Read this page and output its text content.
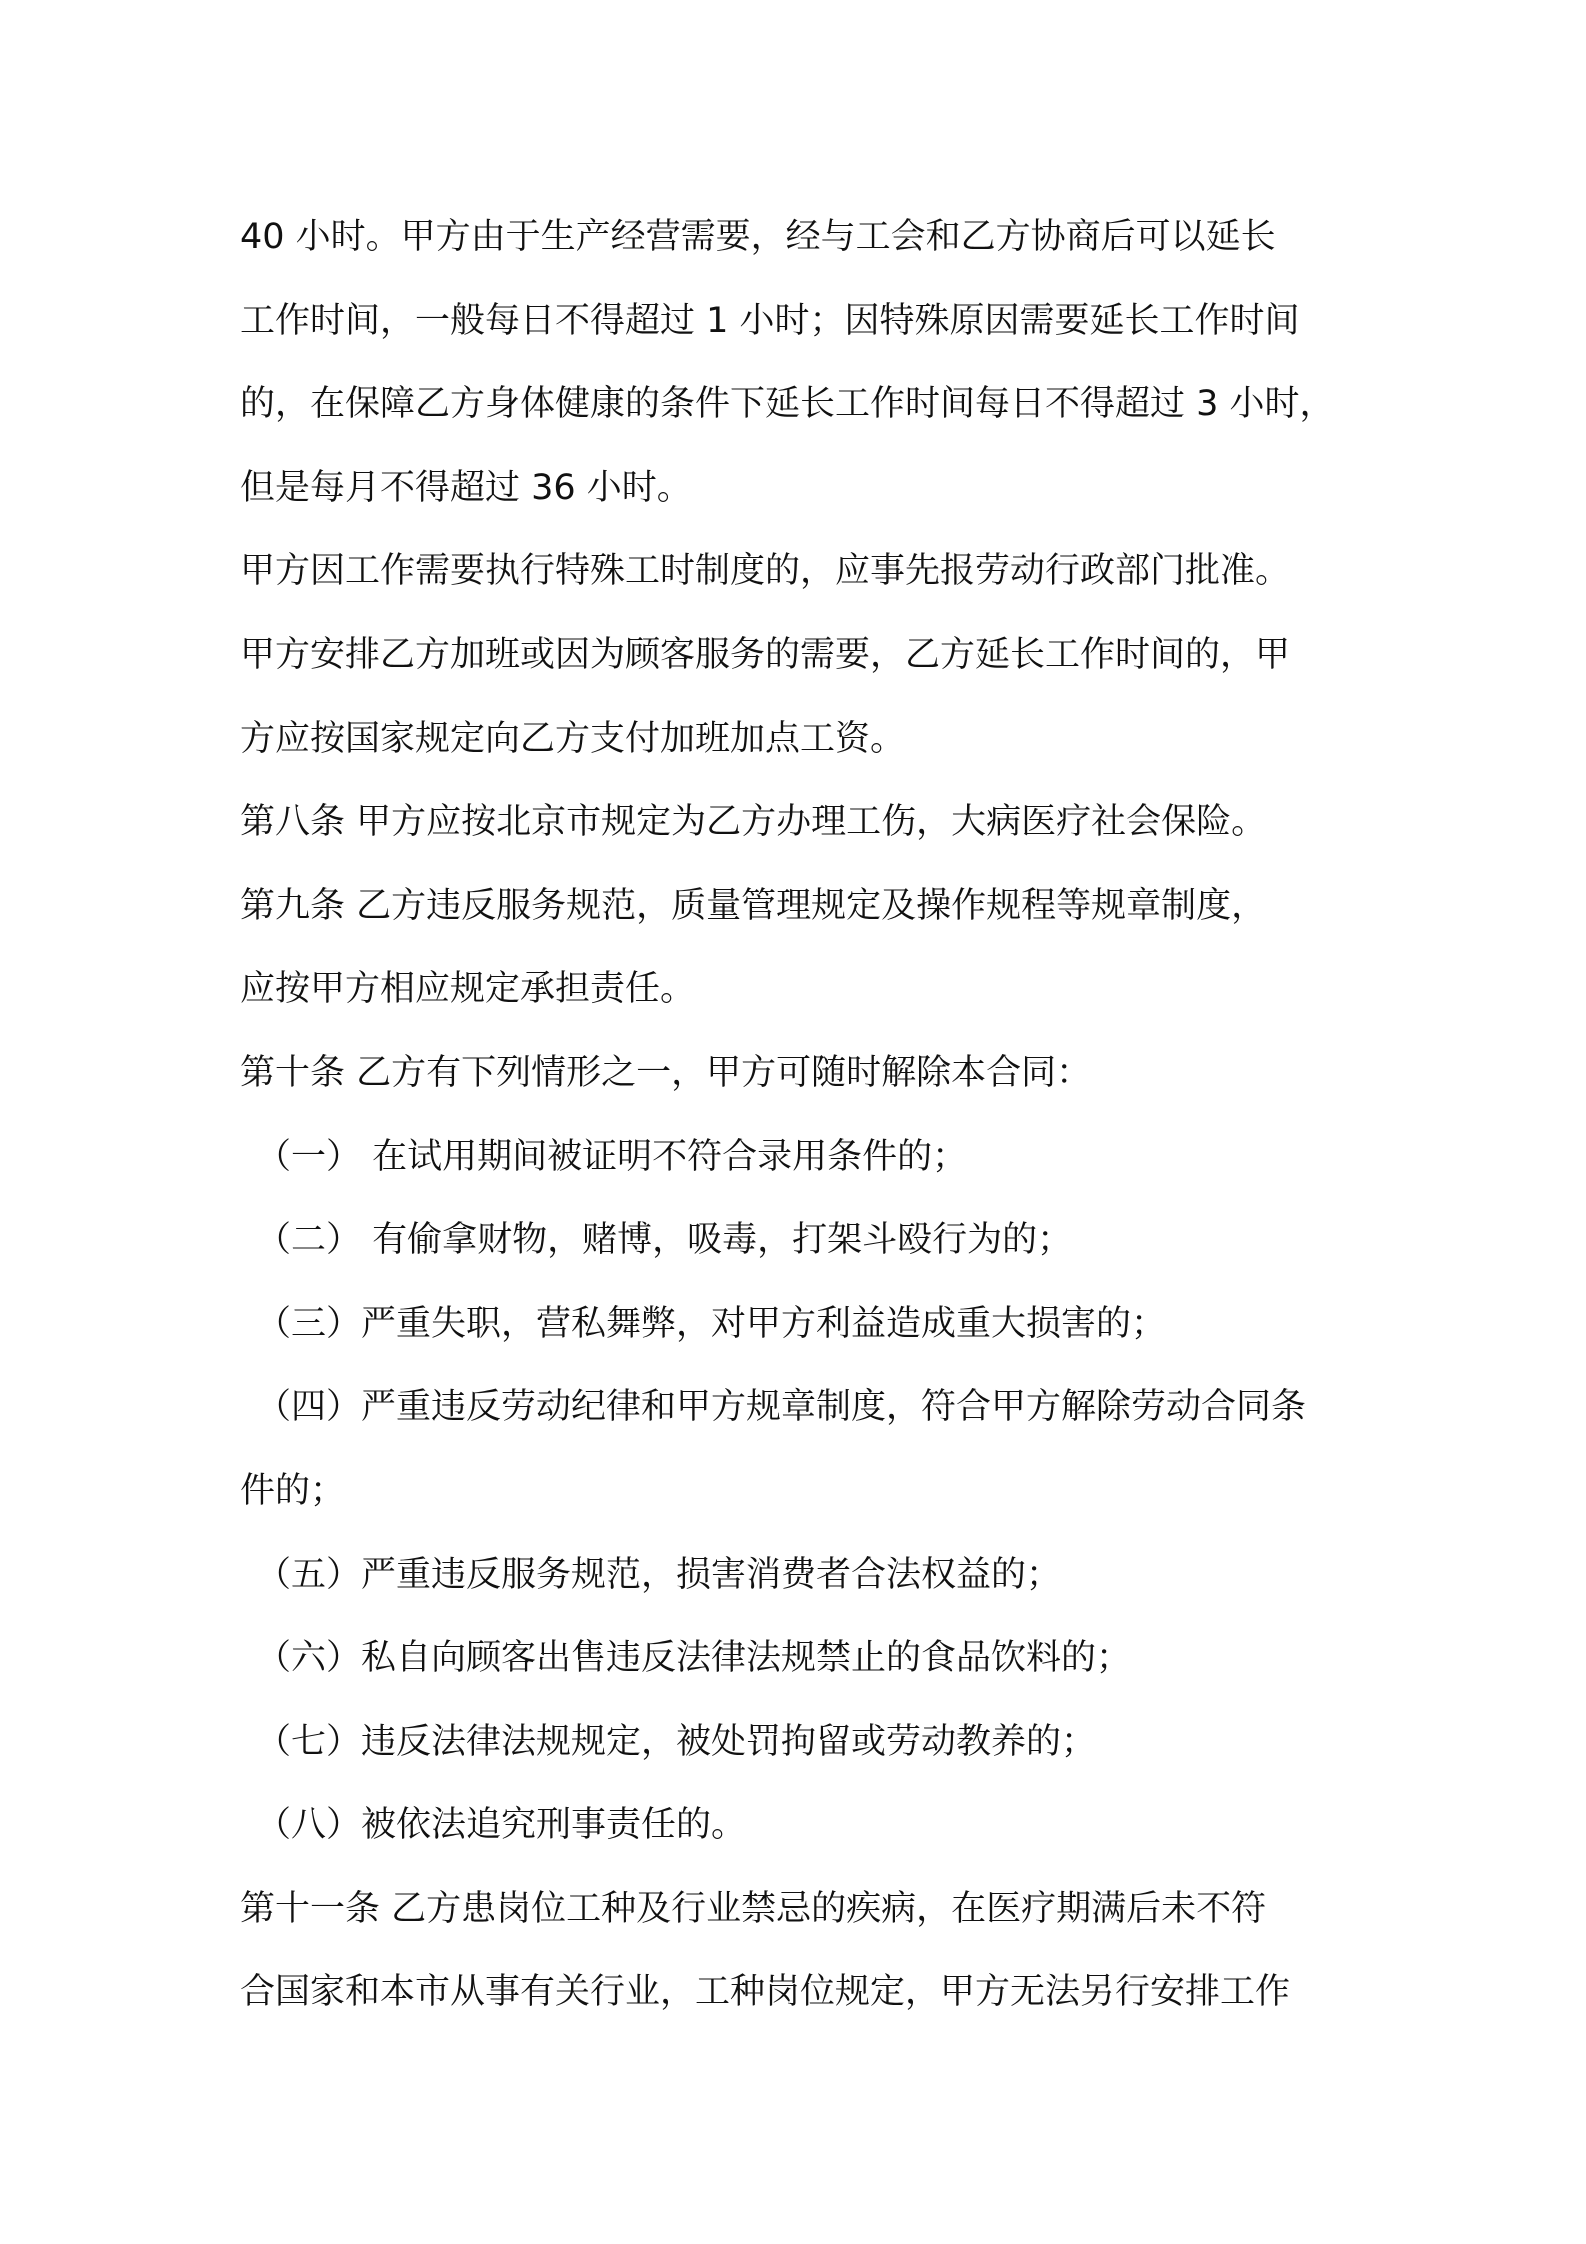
40 小时。甲方由于生产经营需要，经与工会和乙方协商后可以延长
工作时间，一般每日不得超过 1 小时；因特殊原因需要延长工作时间
的，在保障乙方身体健康的条件下延长工作时间每日不得超过 3 小时，
但是每月不得超过 36 小时。
甲方因工作需要执行特殊工时制度的，应事先报劳动行政部门批准。
甲方安排乙方加班或因为顾客服务的需要，乙方延长工作时间的，甲
方应按国家规定向乙方支付加班加点工资。
第八条 甲方应按北京市规定为乙方办理工伤，大病医疗社会保险。
第九条 乙方违反服务规范，质量管理规定及操作规程等规章制度，
应按甲方相应规定承担责任。
第十条 乙方有下列情形之一，甲方可随时解除本合同：
（一） 在试用期间被证明不符合录用条件的；
（二） 有偷拿财物，赌博，吸毒，打架斗殴行为的；
（三）严重失职，营私舞弊，对甲方利益造成重大损害的；
（四）严重违反劳动纪律和甲方规章制度，符合甲方解除劳动合同条
件的；
（五）严重违反服务规范，损害消费者合法权益的；
（六）私自向顾客出售违反法律法规禁止的食品饮料的；
（七）违反法律法规规定，被处罚拘留或劳动教养的；
（八）被依法追究刑事责任的。
第十一条 乙方患岗位工种及行业禁忌的疾病，在医疗期满后未不符
合国家和本市从事有关行业，工种岗位规定，甲方无法另行安排工作
